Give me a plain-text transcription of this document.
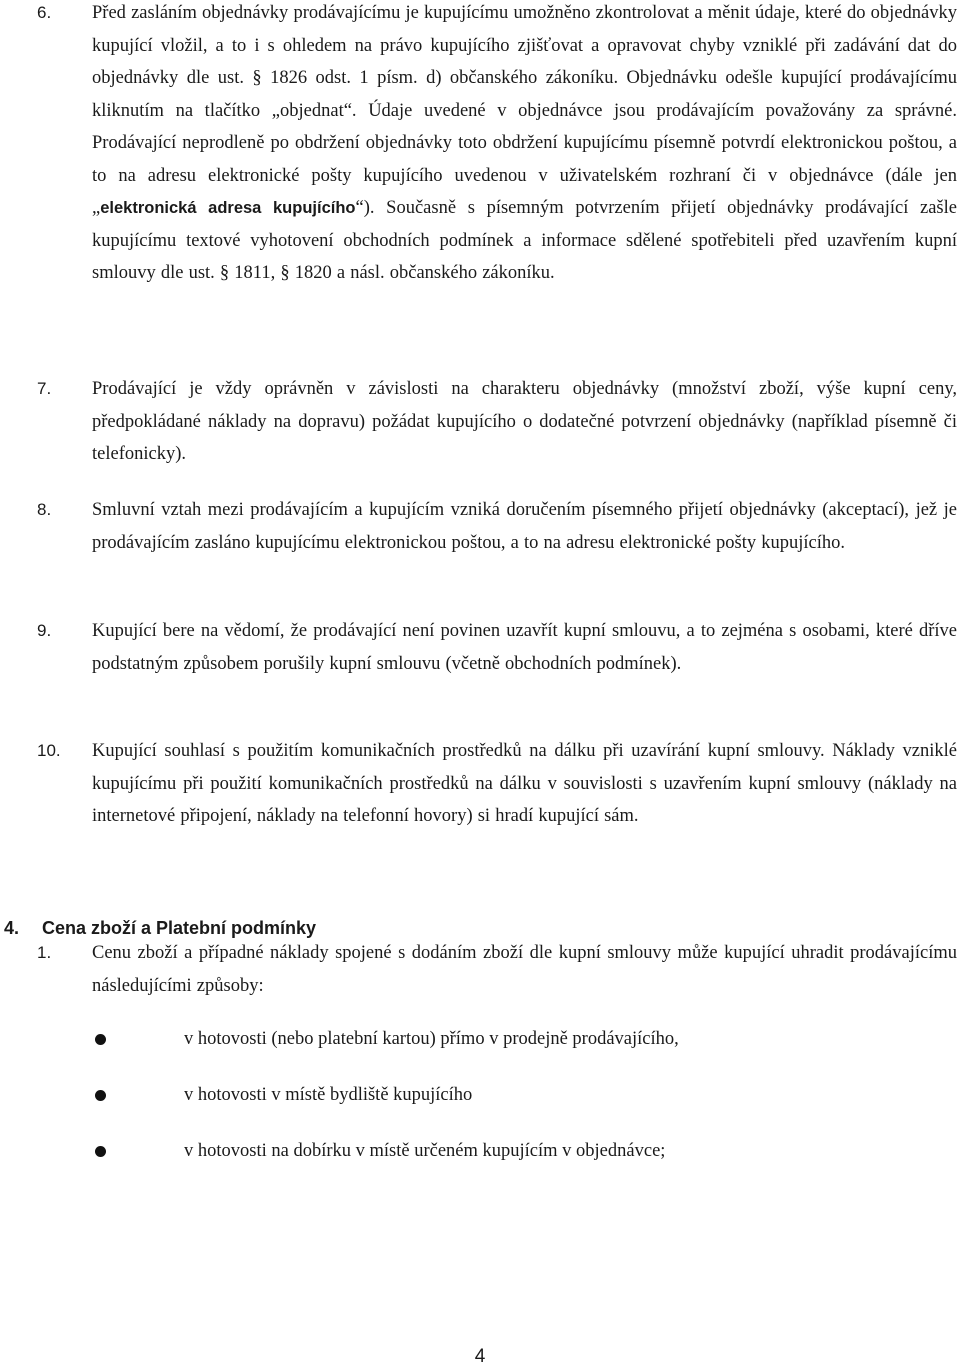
6. Před zasláním objednávky prodávajícímu je kupujícímu umožněno zkontrolovat a měnit údaje, které do objednávky kupující vložil, a to i s ohledem na právo kupujícího zjišťovat a opravovat chyby vzniklé při zadávání dat do objednávky dle ust. § 1826 odst. 1 písm. d) občanského zákoníku. Objednávku odešle kupující prodávajícímu kliknutím na tlačítko „objednat“. Údaje uvedené v objednávce jsou prodávajícím považovány za správné. Prodávající neprodleně po obdržení objednávky toto obdržení kupujícímu písemně potvrdí elektronickou poštou, a to na adresu elektronické pošty kupujícího uvedenou v uživatelském rozhraní či v objednávce (dále jen „elektronická adresa kupujícího“). Současně s písemným potvrzením přijetí objednávky prodávající zašle kupujícímu textové vyhotovení obchodních podmínek a informace sdělené spotřebiteli před uzavřením kupní smlouvy dle ust. § 1811, § 1820 a násl. občanského zákoníku.
7. Prodávající je vždy oprávněn v závislosti na charakteru objednávky (množství zboží, výše kupní ceny, předpokládané náklady na dopravu) požádat kupujícího o dodatečné potvrzení objednávky (například písemně či telefonicky).
8. Smluvní vztah mezi prodávajícím a kupujícím vzniká doručením písemného přijetí objednávky (akceptací), jež je prodávajícím zasláno kupujícímu elektronickou poštou, a to na adresu elektronické pošty kupujícího.
9. Kupující bere na vědomí, že prodávající není povinen uzavřít kupní smlouvu, a to zejména s osobami, které dříve podstatným způsobem porušily kupní smlouvu (včetně obchodních podmínek).
10. Kupující souhlasí s použitím komunikačních prostředků na dálku při uzavírání kupní smlouvy. Náklady vzniklé kupujícímu při použití komunikačních prostředků na dálku v souvislosti s uzavřením kupní smlouvy (náklady na internetové připojení, náklady na telefonní hovory) si hradí kupující sám.
4. Cena zboží a Platební podmínky
1. Cenu zboží a případné náklady spojené s dodáním zboží dle kupní smlouvy může kupující uhradit prodávajícímu následujícími způsoby:
v hotovosti (nebo platební kartou) přímo v prodejně prodávajícího,
v hotovosti v místě bydliště kupujícího
v hotovosti na dobírku v místě určeném kupujícím v objednávce;
4
